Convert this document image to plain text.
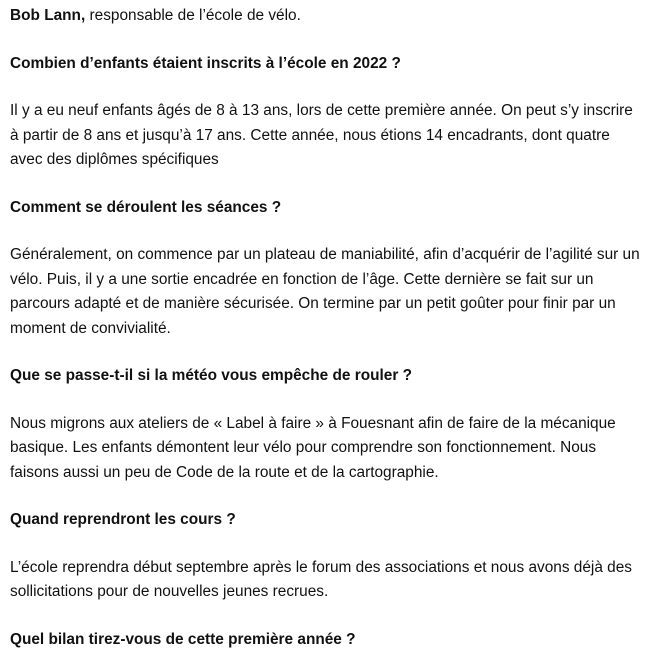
Bob Lann, responsable de l’école de vélo.

Combien d’enfants étaient inscrits à l’école en 2022 ?

Il y a eu neuf enfants âgés de 8 à 13 ans, lors de cette première année. On peut s’y inscrire à partir de 8 ans et jusqu’à 17 ans. Cette année, nous étions 14 encadrants, dont quatre avec des diplômes spécifiques

Comment se déroulent les séances ?

Généralement, on commence par un plateau de maniabilité, afin d’acquérir de l’agilité sur un vélo. Puis, il y a une sortie encadrée en fonction de l’âge. Cette dernière se fait sur un parcours adapté et de manière sécurisée. On termine par un petit goûter pour finir par un moment de convivialité.

Que se passe-t-il si la météo vous empêche de rouler ?

Nous migrons aux ateliers de « Label à faire » à Fouesnant afin de faire de la mécanique basique. Les enfants démontent leur vélo pour comprendre son fonctionnement. Nous faisons aussi un peu de Code de la route et de la cartographie.

Quand reprendront les cours ?

L’école reprendra début septembre après le forum des associations et nous avons déjà des sollicitations pour de nouvelles jeunes recrues.

Quel bilan tirez-vous de cette première année ?
